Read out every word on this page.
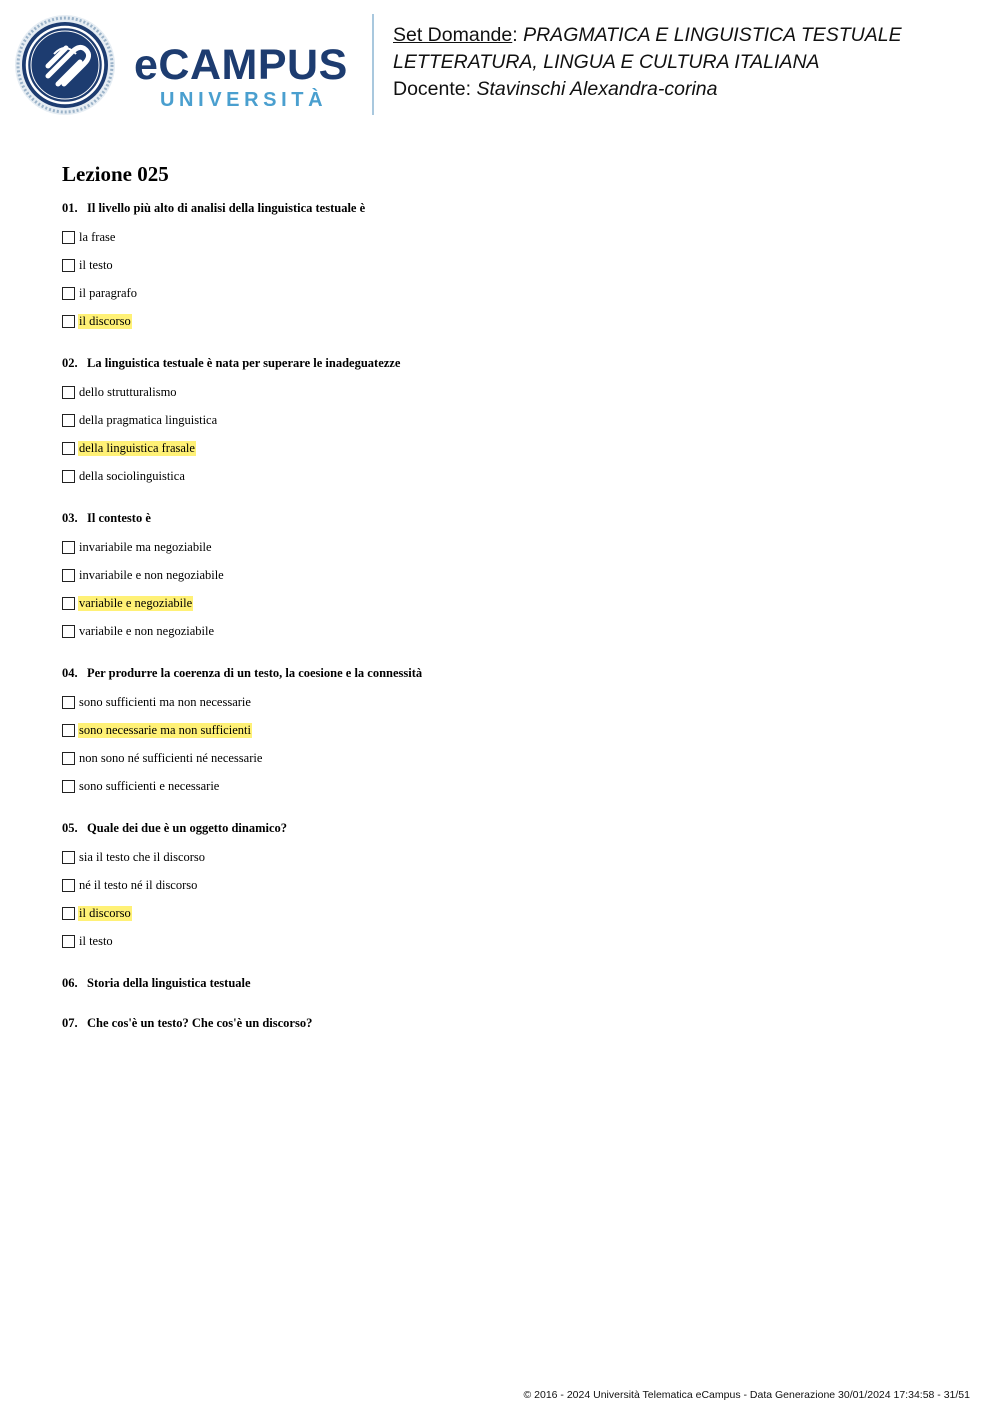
eCAMPUS
UNIVERSITÀ
Set Domande: PRAGMATICA E LINGUISTICA TESTUALE
LETTERATURA, LINGUA E CULTURA ITALIANA
Docente: Stavinschi Alexandra-corina
Lezione 025
01. Il livello più alto di analisi della linguistica testuale è
la frase
il testo
il paragrafo
il discorso
02. La linguistica testuale è nata per superare le inadeguatezze
dello strutturalismo
della pragmatica linguistica
della linguistica frasale
della sociolinguistica
03. Il contesto è
invariabile ma negoziabile
invariabile e non negoziabile
variabile e negoziabile
variabile e non negoziabile
04. Per produrre la coerenza di un testo, la coesione e la connessità
sono sufficienti ma non necessarie
sono necessarie ma non sufficienti
non sono né sufficienti né necessarie
sono sufficienti e necessarie
05. Quale dei due è un oggetto dinamico?
sia il testo che il discorso
né il testo né il discorso
il discorso
il testo
06. Storia della linguistica testuale
07. Che cos'è un testo? Che cos'è un discorso?
© 2016 - 2024 Università Telematica eCampus - Data Generazione 30/01/2024 17:34:58 - 31/51
